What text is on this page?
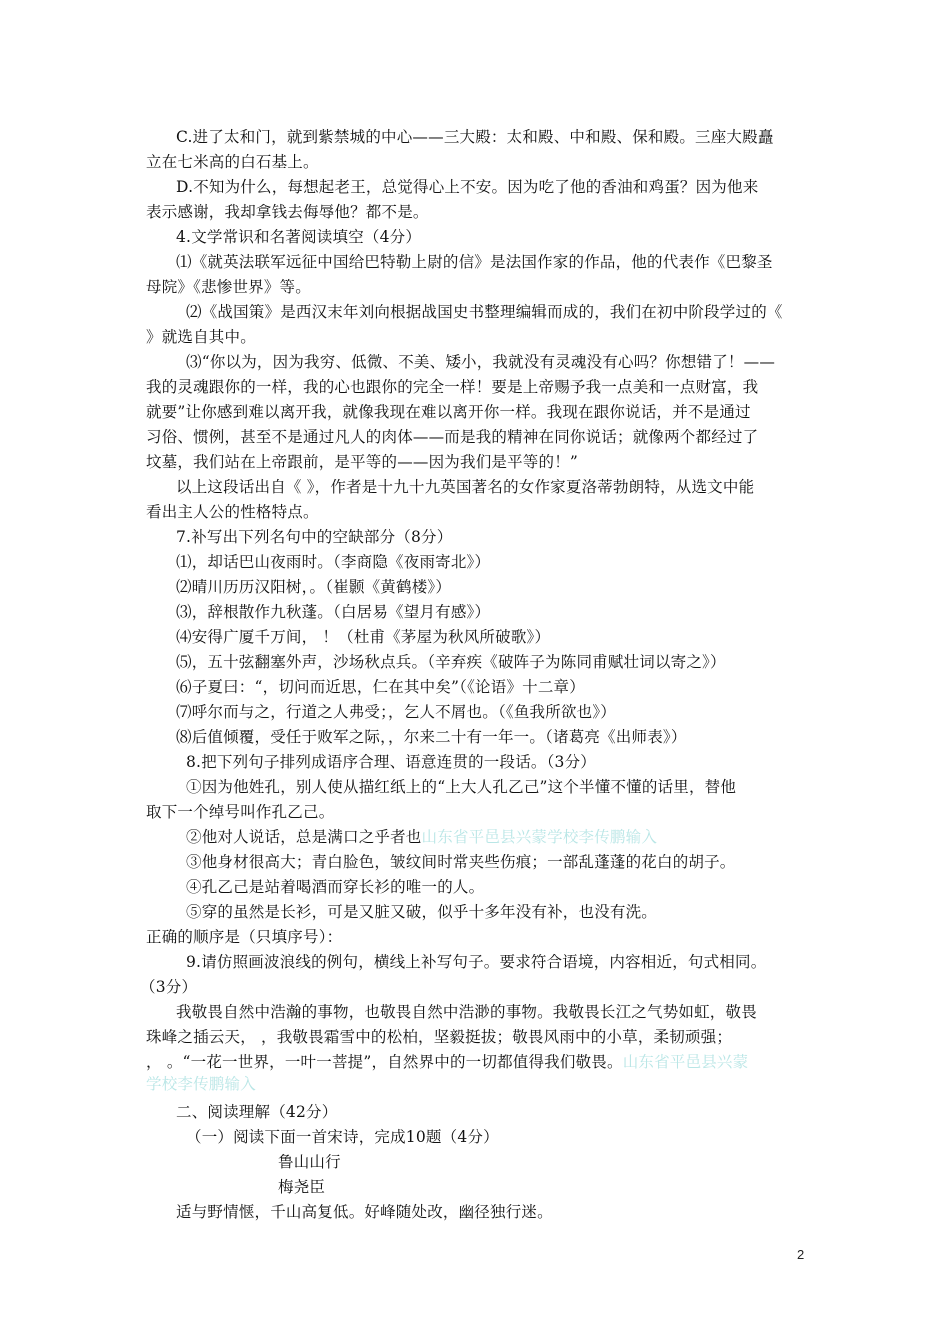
C.进了太和门，就到紫禁城的中心——三大殿：太和殿、中和殿、保和殿。三座大殿矗
立在七米高的白石基上。
D.不知为什么，每想起老王，总觉得心上不安。因为吃了他的香油和鸡蛋？因为他来
表示感谢，我却拿钱去侮辱他？都不是。
4.文学常识和名著阅读填空（4分）
⑴《就英法联军远征中国给巴特勒上尉的信》是法国作家的作品，他的代表作《巴黎圣
母院》《悲惨世界》等。
⑵《战国策》是西汉末年刘向根据战国史书整理编辑而成的，我们在初中阶段学过的《
》就选自其中。
⑶“你以为，因为我穷、低微、不美、矮小，我就没有灵魂没有心吗？你想错了！——
我的灵魂跟你的一样，我的心也跟你的完全一样！要是上帝赐予我一点美和一点财富，我
就要”让你感到难以离开我，就像我现在难以离开你一样。我现在跟你说话，并不是通过
习俗、惯例，甚至不是通过凡人的肉体——而是我的精神在同你说话；就像两个都经过了
坟墓，我们站在上帝跟前，是平等的——因为我们是平等的！”
以上这段话出自《 》，作者是十九十九英国著名的女作家夏洛蒂勃朗特，从选文中能
看出主人公的性格特点。
7.补写出下列名句中的空缺部分（8分）
⑴，却话巴山夜雨时。（李商隐《夜雨寄北》）
⑵晴川历历汉阳树，。（崔颢《黄鹤楼》）
⑶，辞根散作九秋蓬。（白居易《望月有感》）
⑷安得广厦千万间， ！（杜甫《茅屋为秋风所破歌》）
⑸，五十弦翻塞外声，沙场秋点兵。（辛弃疾《破阵子为陈同甫赋壮词以寄之》）
⑹子夏曰：“，切问而近思，仁在其中矣”（《论语》十二章）
⑺呼尔而与之，行道之人弗受；，乞人不屑也。（《鱼我所欲也》）
⑻后值倾覆，受任于败军之际，，尔来二十有一年一。（诸葛亮《出师表》）
8.把下列句子排列成语序合理、语意连贯的一段话。（3分）
①因为他姓孔，别人使从描红纸上的“上大人孔乙己”这个半懂不懂的话里，替他
取下一个绰号叫作孔乙己。
②他对人说话，总是满口之乎者也山东省平邑县兴蒙学校李传鹏输入
③他身材很高大；青白脸色，皱纹间时常夹些伤痕；一部乱蓬蓬的花白的胡子。
④孔乙己是站着喝酒而穿长衫的唯一的人。
⑤穿的虽然是长衫，可是又脏又破，似乎十多年没有补，也没有洗。
正确的顺序是（只填序号）：
9.请仿照画波浪线的例句，横线上补写句子。要求符合语境，内容相近，句式相同。
（3分）
我敬畏自然中浩瀚的事物，也敬畏自然中浩渺的事物。我敬畏长江之气势如虹，敬畏
珠峰之插云天， ，我敬畏霜雪中的松柏，坚毅挺拔；敬畏风雨中的小草，柔韧顽强；
， 。“一花一世界，一叶一菩提”，自然界中的一切都值得我们敬畏。山东省平邑县兴蒙
学校李传鹏输入
二、阅读理解（42分）
（一）阅读下面一首宋诗，完成10题（4分）
鲁山山行
梅尧臣
适与野情惬，千山高复低。好峰随处改，幽径独行迷。
2
